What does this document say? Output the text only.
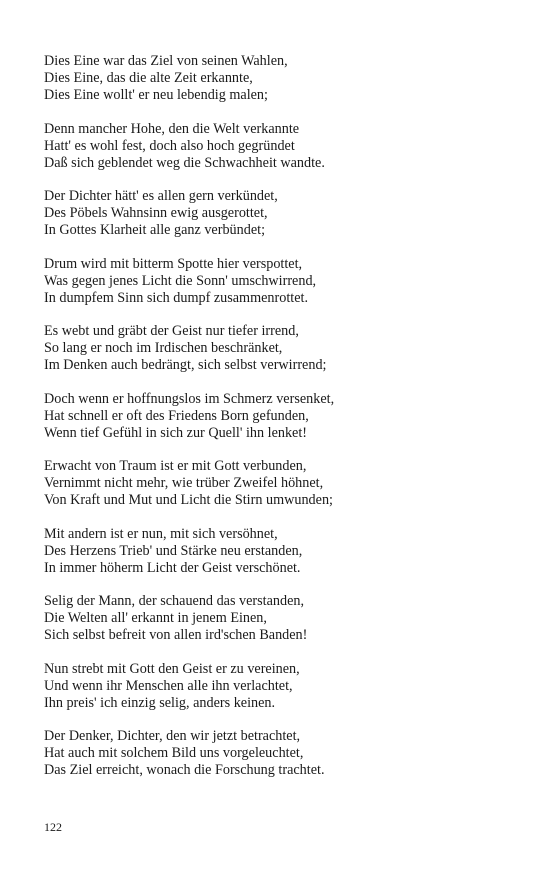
Dies Eine war das Ziel von seinen Wahlen,
Dies Eine, das die alte Zeit erkannte,
Dies Eine wollt' er neu lebendig malen;
Denn mancher Hohe, den die Welt verkannte
Hatt' es wohl fest, doch also hoch gegründet
Daß sich geblendet weg die Schwachheit wandte.
Der Dichter hätt' es allen gern verkündet,
Des Pöbels Wahnsinn ewig ausgerottet,
In Gottes Klarheit alle ganz verbündet;
Drum wird mit bitterm Spotte hier verspottet,
Was gegen jenes Licht die Sonn' umschwirrend,
In dumpfem Sinn sich dumpf zusammenrottet.
Es webt und gräbt der Geist nur tiefer irrend,
So lang er noch im Irdischen beschränket,
Im Denken auch bedrängt, sich selbst verwirrend;
Doch wenn er hoffnungslos im Schmerz versenket,
Hat schnell er oft des Friedens Born gefunden,
Wenn tief Gefühl in sich zur Quell' ihn lenket!
Erwacht von Traum ist er mit Gott verbunden,
Vernimmt nicht mehr, wie trüber Zweifel höhnet,
Von Kraft und Mut und Licht die Stirn umwunden;
Mit andern ist er nun, mit sich versöhnet,
Des Herzens Trieb' und Stärke neu erstanden,
In immer höherm Licht der Geist verschönet.
Selig der Mann, der schauend das verstanden,
Die Welten all' erkannt in jenem Einen,
Sich selbst befreit von allen ird'schen Banden!
Nun strebt mit Gott den Geist er zu vereinen,
Und wenn ihr Menschen alle ihn verlachtet,
Ihn preis' ich einzig selig, anders keinen.
Der Denker, Dichter, den wir jetzt betrachtet,
Hat auch mit solchem Bild uns vorgeleuchtet,
Das Ziel erreicht, wonach die Forschung trachtet.
122
